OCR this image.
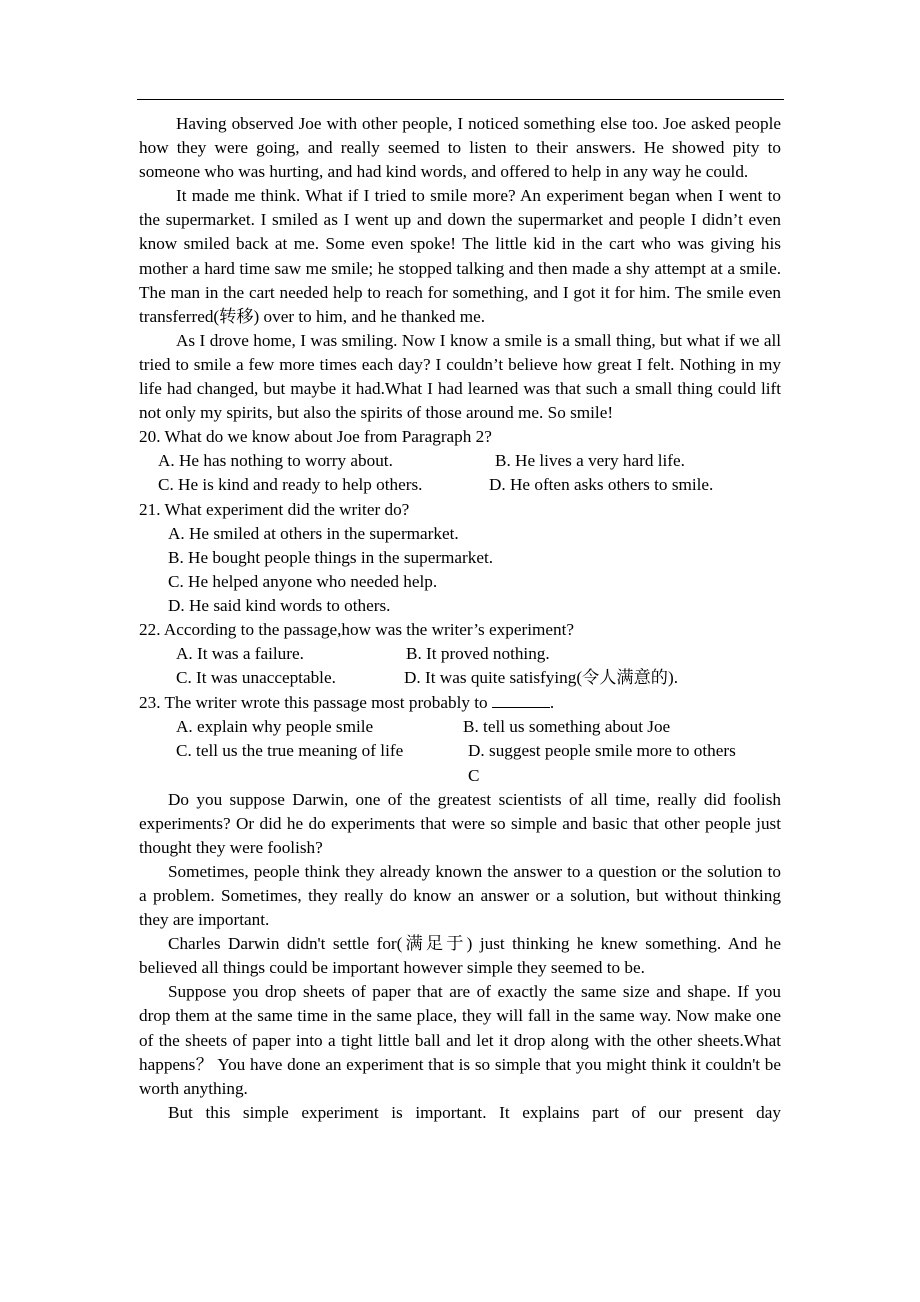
Having observed Joe with other people, I noticed something else too. Joe asked people how they were going, and really seemed to listen to their answers. He showed pity to someone who was hurting, and had kind words, and offered to help in any way he could.

It made me think. What if I tried to smile more? An experiment began when I went to the supermarket. I smiled as I went up and down the supermarket and people I didn’t even know smiled back at me. Some even spoke! The little kid in the cart who was giving his mother a hard time saw me smile; he stopped talking and then made a shy attempt at a smile. The man in the cart needed help to reach for something, and I got it for him. The smile even transferred(转移) over to him, and he thanked me.

As I drove home, I was smiling. Now I know a smile is a small thing, but what if we all tried to smile a few more times each day? I couldn’t believe how great I felt. Nothing in my life had changed, but maybe it had.What I had learned was that such a small thing could lift not only my spirits, but also the spirits of those around me. So smile!

20. What do we know about Joe from Paragraph 2?
A. He has nothing to worry about.	B. He lives a very hard life.
C. He is kind and ready to help others.	D. He often asks others to smile.
21. What experiment did the writer do?
A. He smiled at others in the supermarket.
B. He bought people things in the supermarket.
C. He helped anyone who needed help.
D. He said kind words to others.
22. According to the passage,how was the writer’s experiment?
A. It was a failure.	B. It proved nothing.
C. It was unacceptable.	D. It was quite satisfying(令人满意的).
23. The writer wrote this passage most probably to	.
A. explain why people smile	B. tell us something about Joe
C. tell us the true meaning of life	D. suggest people smile more to others
C

Do you suppose Darwin, one of the greatest scientists of all time, really did foolish experiments? Or did he do experiments that were so simple and basic that other people just thought they were foolish?

Sometimes, people think they already known the answer to a question or the solution to a problem. Sometimes, they really do know an answer or a solution, but without thinking they are important.

Charles Darwin didn't settle for(满足于) just thinking he knew something. And he believed all things could be important however simple they seemed to be.

Suppose you drop sheets of paper that are of exactly the same size and shape. If you drop them at the same time in the same place, they will fall in the same way. Now make one of the sheets of paper into a tight little ball and let it drop along with the other sheets.What happens？ You have done an experiment that is so simple that you might think it couldn't be worth anything.

But this simple experiment is important. It explains part of our present day
